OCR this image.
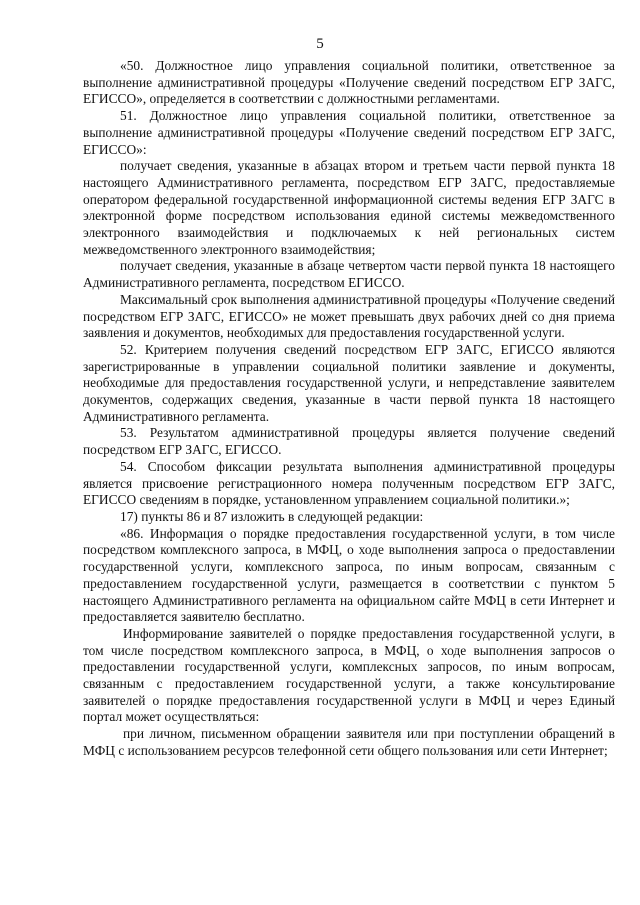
5

«50. Должностное лицо управления социальной политики, ответственное за выполнение административной процедуры «Получение сведений посредством ЕГР ЗАГС, ЕГИССО», определяется в соответствии с должностными регламентами.

51. Должностное лицо управления социальной политики, ответственное за выполнение административной процедуры «Получение сведений посредством ЕГР ЗАГС, ЕГИССО»:

получает сведения, указанные в абзацах втором и третьем части первой пункта 18 настоящего Административного регламента, посредством ЕГР ЗАГС, предоставляемые оператором федеральной государственной информационной системы ведения ЕГР ЗАГС в электронной форме посредством использования единой системы межведомственного электронного взаимодействия и подключаемых к ней региональных систем межведомственного электронного взаимодействия;

получает сведения, указанные в абзаце четвертом части первой пункта 18 настоящего Административного регламента, посредством ЕГИССО.

Максимальный срок выполнения административной процедуры «Получение сведений посредством ЕГР ЗАГС, ЕГИССО» не может превышать двух рабочих дней со дня приема заявления и документов, необходимых для предоставления государственной услуги.

52. Критерием получения сведений посредством ЕГР ЗАГС, ЕГИССО являются зарегистрированные в управлении социальной политики заявление и документы, необходимые для предоставления государственной услуги, и непредставление заявителем документов, содержащих сведения, указанные в части первой пункта 18 настоящего Административного регламента.

53. Результатом административной процедуры является получение сведений посредством ЕГР ЗАГС, ЕГИССО.

54. Способом фиксации результата выполнения административной процедуры является присвоение регистрационного номера полученным посредством ЕГР ЗАГС, ЕГИССО сведениям в порядке, установленном управлением социальной политики.»;

17) пункты 86 и 87 изложить в следующей редакции:

«86. Информация о порядке предоставления государственной услуги, в том числе посредством комплексного запроса, в МФЦ, о ходе выполнения запроса о предоставлении государственной услуги, комплексного запроса, по иным вопросам, связанным с предоставлением государственной услуги, размещается в соответствии с пунктом 5 настоящего Административного регламента на официальном сайте МФЦ в сети Интернет и предоставляется заявителю бесплатно.

Информирование заявителей о порядке предоставления государственной услуги, в том числе посредством комплексного запроса, в МФЦ, о ходе выполнения запросов о предоставлении государственной услуги, комплексных запросов, по иным вопросам, связанным с предоставлением государственной услуги, а также консультирование заявителей о порядке предоставления государственной услуги в МФЦ и через Единый портал может осуществляться:

при личном, письменном обращении заявителя или при поступлении обращений в МФЦ с использованием ресурсов телефонной сети общего пользования или сети Интернет;
